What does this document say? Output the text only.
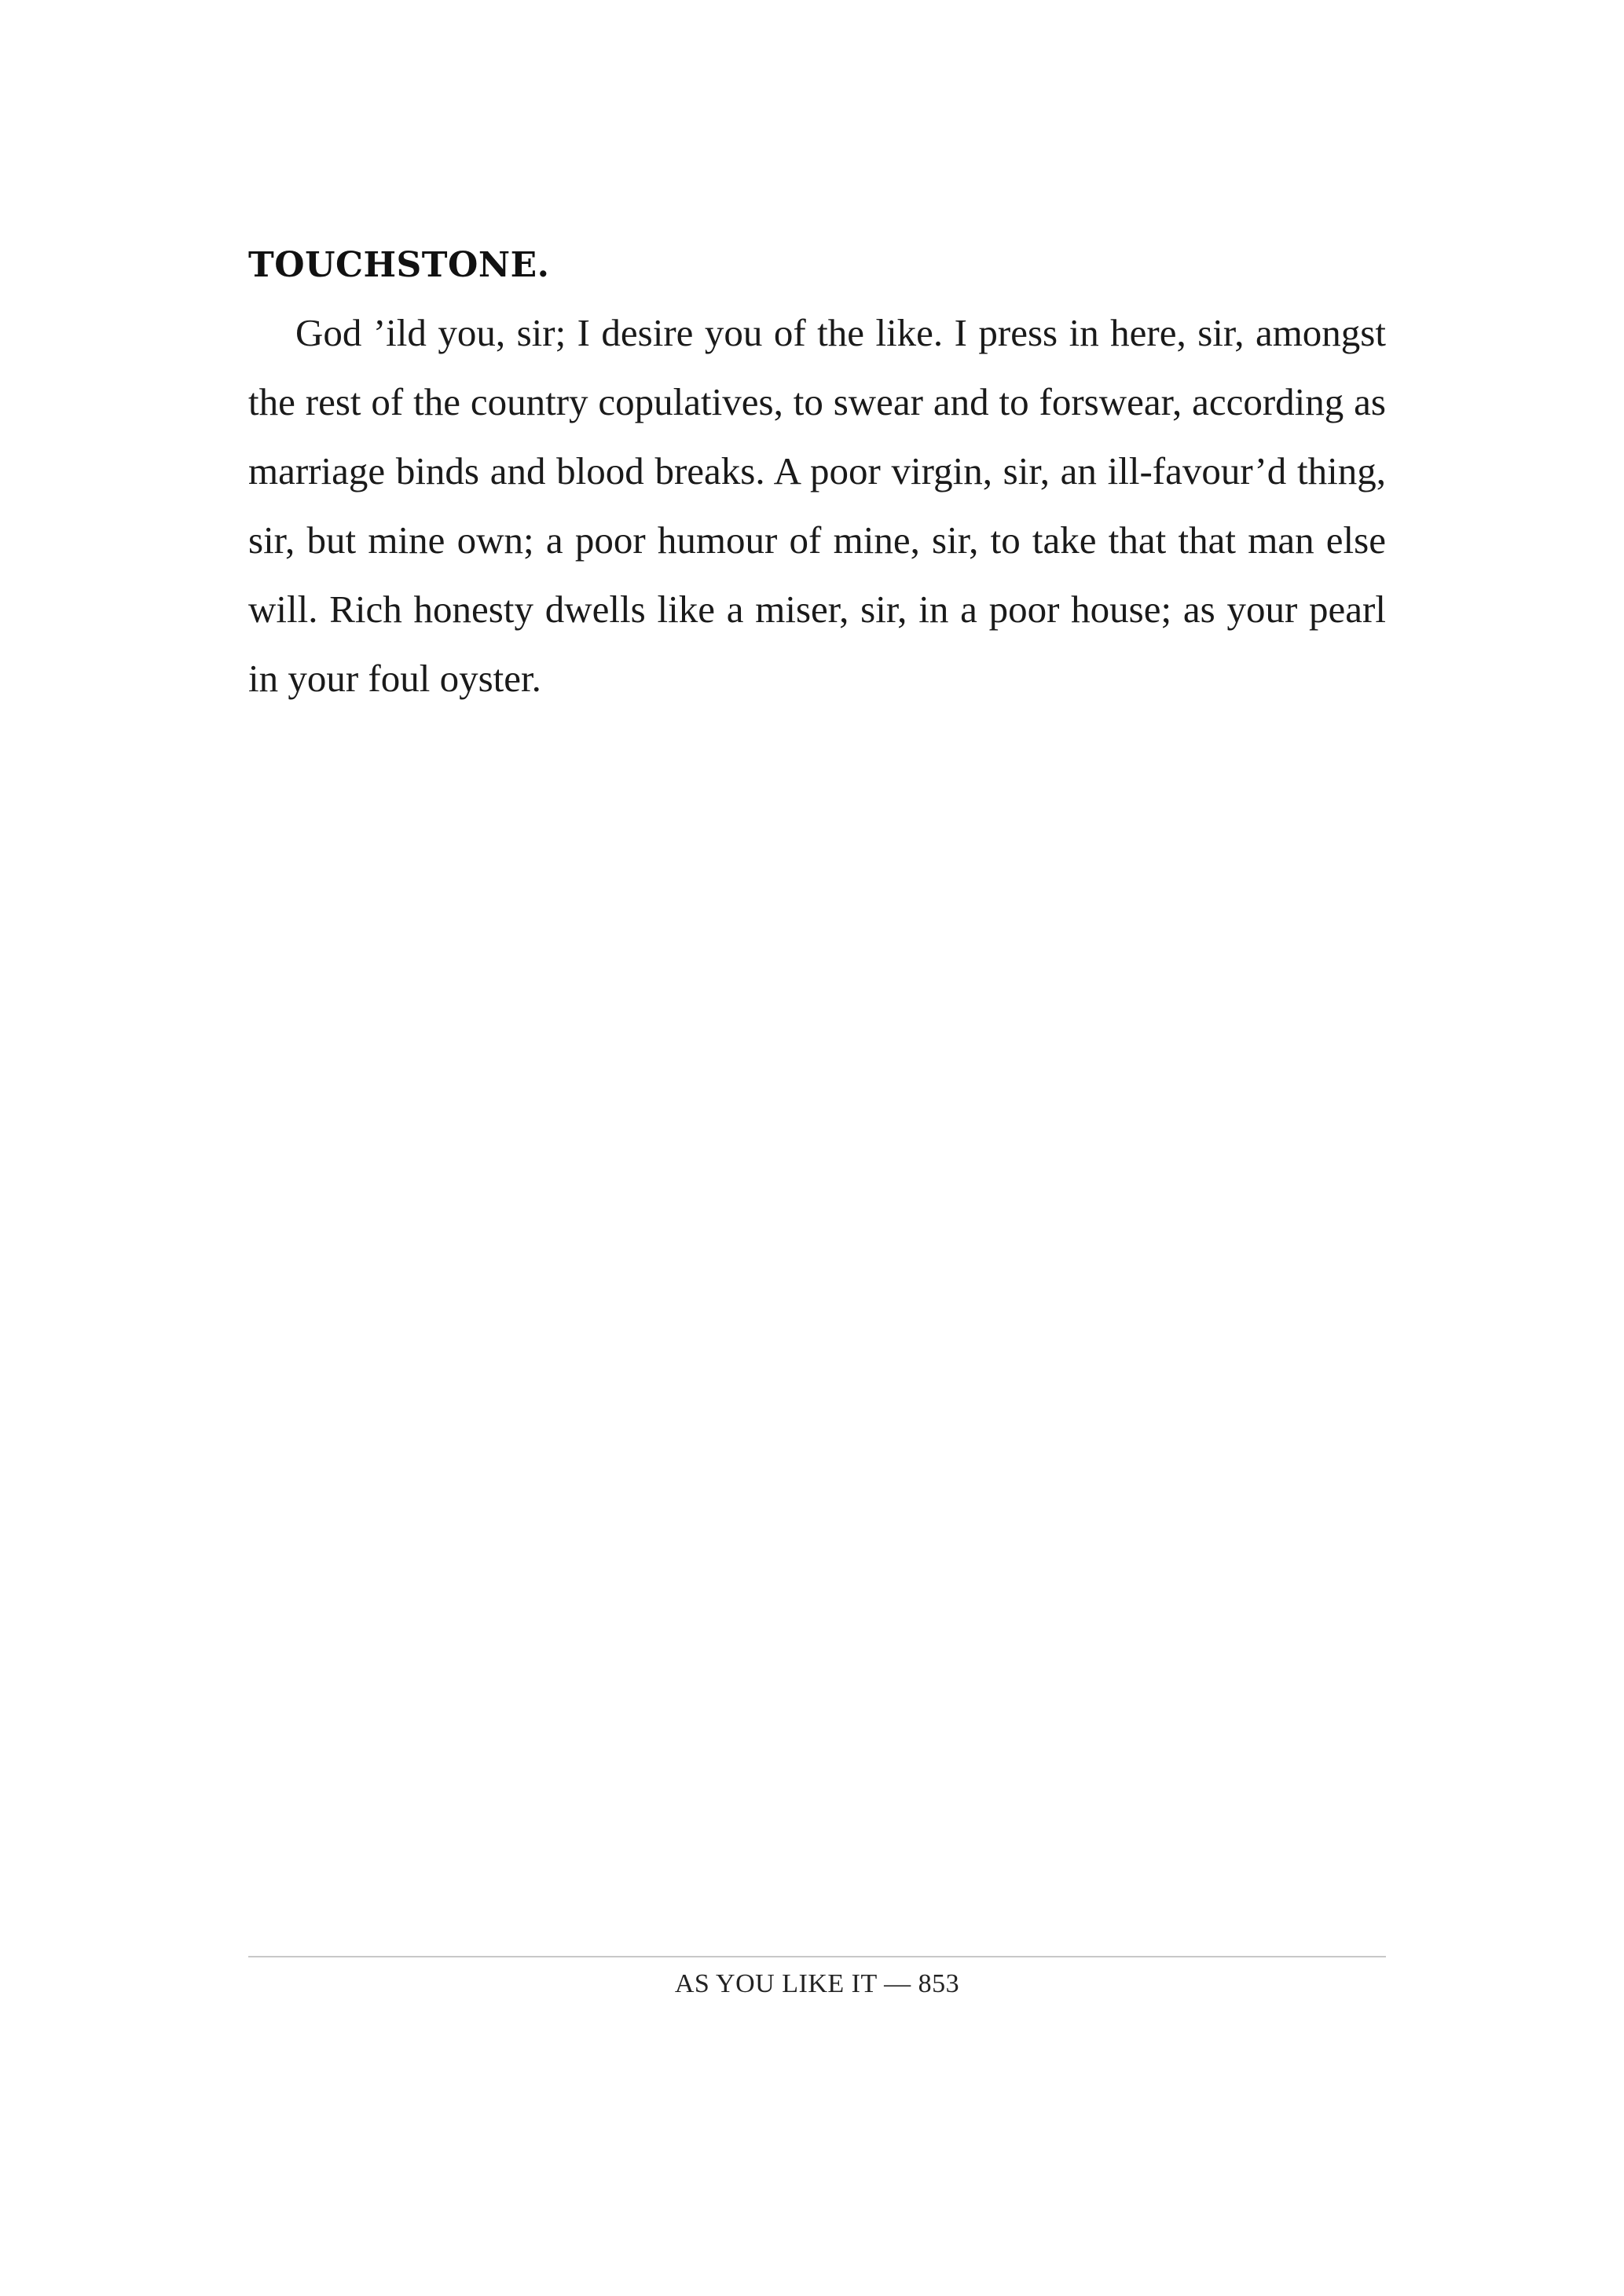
TOUCHSTONE.

God ’ild you, sir; I desire you of the like. I press in here, sir, amongst the rest of the country copulatives, to swear and to forswear, according as marriage binds and blood breaks. A poor virgin, sir, an ill-favour’d thing, sir, but mine own; a poor humour of mine, sir, to take that that man else will. Rich honesty dwells like a miser, sir, in a poor house; as your pearl in your foul oyster.

AS YOU LIKE IT — 853
